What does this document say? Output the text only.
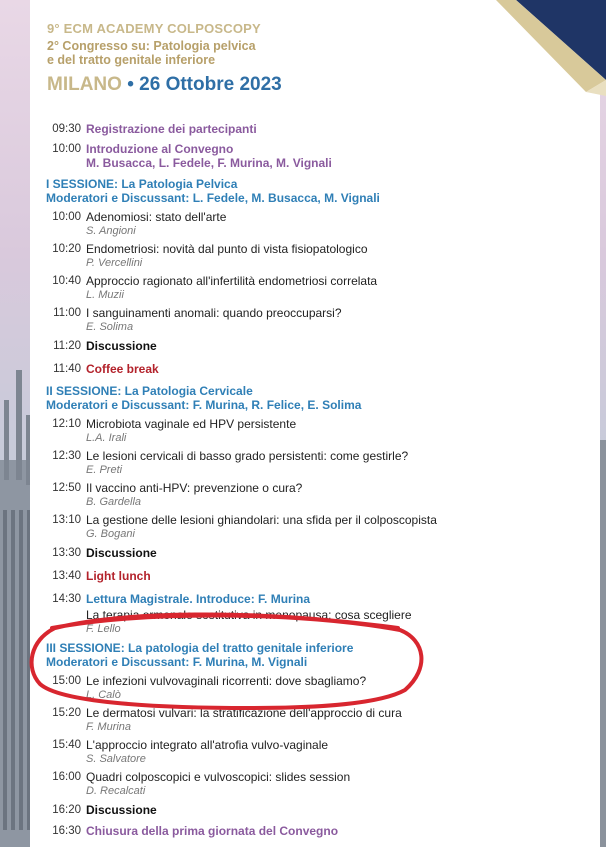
9° ECM ACADEMY COLPOSCOPY
2° Congresso su: Patologia pelvica
e del tratto genitale inferiore
MILANO • 26 Ottobre 2023
09:30 Registrazione dei partecipanti
10:00 Introduzione al Convegno
M. Busacca, L. Fedele, F. Murina, M. Vignali
I SESSIONE: La Patologia Pelvica
Moderatori e Discussant: L. Fedele, M. Busacca, M. Vignali
10:00 Adenomiosi: stato dell'arte
S. Angioni
10:20 Endometriosi: novità dal punto di vista fisiopatologico
P. Vercellini
10:40 Approccio ragionato all'infertilità endometriosi correlata
L. Muzii
11:00 I sanguinamenti anomali: quando preoccuparsi?
E. Solima
11:20 Discussione
11:40 Coffee break
II SESSIONE: La Patologia Cervicale
Moderatori e Discussant: F. Murina, R. Felice, E. Solima
12:10 Microbiota vaginale ed HPV persistente
L.A. Irali
12:30 Le lesioni cervicali di basso grado persistenti: come gestirle?
E. Preti
12:50 Il vaccino anti-HPV: prevenzione o cura?
B. Gardella
13:10 La gestione delle lesioni ghiandolari: una sfida per il colposcopista
G. Bogani
13:30 Discussione
13:40 Light lunch
14:30 Lettura Magistrale. Introduce: F. Murina
La terapia ormonale sostitutiva in menopausa: cosa scegliere
F. Lello
III SESSIONE: La patologia del tratto genitale inferiore
Moderatori e Discussant: F. Murina, M. Vignali
15:00 Le infezioni vulvovaginali ricorrenti: dove sbagliamo?
L. Calò
15:20 Le dermatosi vulvari: la stratificazione dell'approccio di cura
F. Murina
15:40 L'approccio integrato all'atrofia vulvo-vaginale
S. Salvatore
16:00 Quadri colposcopici e vulvoscopici: slides session
D. Recalcati
16:20 Discussione
16:30 Chiusura della prima giornata del Convegno
